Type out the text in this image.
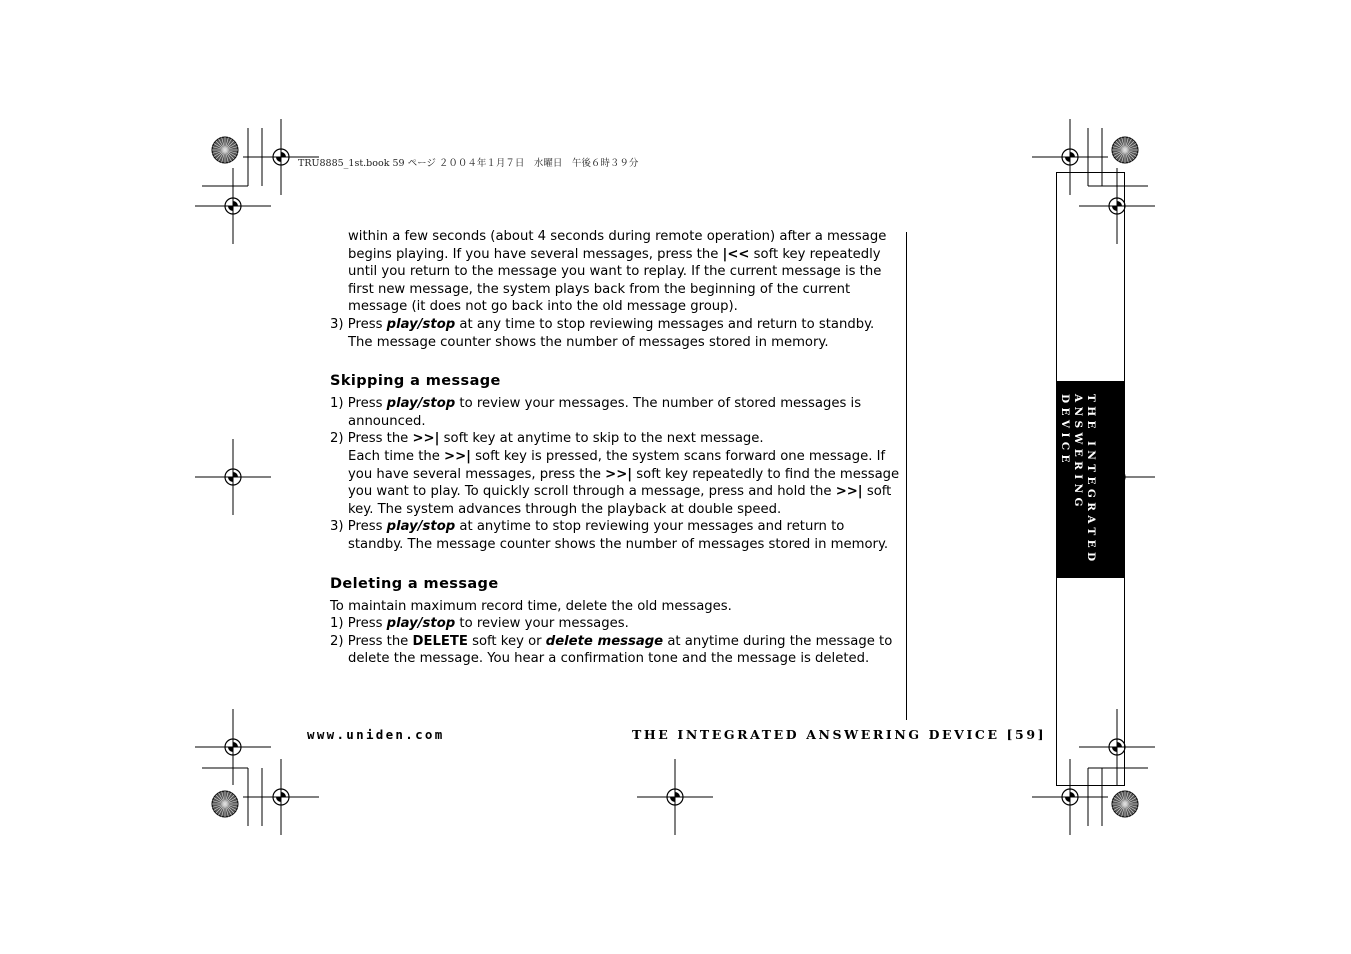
TRU8885_1st.book 59 ページ ２００４年１月７日　水曜日　午後６時３９分

within a few seconds (about 4 seconds during remote operation) after a message begins playing. If you have several messages, press the |<< soft key repeatedly until you return to the message you want to replay. If the current message is the first new message, the system plays back from the beginning of the current message (it does not go back into the old message group).

3) Press play/stop at any time to stop reviewing messages and return to standby. The message counter shows the number of messages stored in memory.

Skipping a message

1) Press play/stop to review your messages. The number of stored messages is announced.

2) Press the >>| soft key at anytime to skip to the next message.

Each time the >>| soft key is pressed, the system scans forward one message. If you have several messages, press the >>| soft key repeatedly to find the message you want to play. To quickly scroll through a message, press and hold the >>| soft key. The system advances through the playback at double speed.

3) Press play/stop at anytime to stop reviewing your messages and return to standby. The message counter shows the number of messages stored in memory.

Deleting a message

To maintain maximum record time, delete the old messages.

1) Press play/stop to review your messages.

2) Press the DELETE soft key or delete message at anytime during the message to delete the message. You hear a confirmation tone and the message is deleted.

www.uniden.com	THE INTEGRATED ANSWERING DEVICE [59]
THE INTEGRATED
ANSWERING DEVICE
